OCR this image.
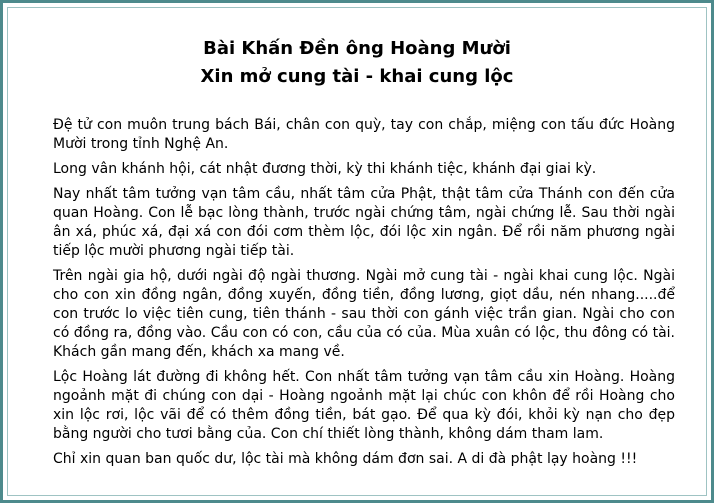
Bài Khấn Đền ông Hoàng Mười
Xin mở cung tài - khai cung lộc

Đệ tử con muôn trung bách Bái, chân con quỳ, tay con chắp, miệng con tấu đức Hoàng Mười trong tỉnh Nghệ An.

Long vân khánh hội, cát nhật đương thời, kỳ thi khánh tiệc, khánh đại giai kỳ.

Nay nhất tâm tưởng vạn tâm cầu, nhất tâm cửa Phật, thật tâm cửa Thánh con đến cửa quan Hoàng. Con lễ bạc lòng thành, trước ngài chứng tâm, ngài chứng lễ. Sau thời ngài ân xá, phúc xá, đại xá con đói cơm thèm lộc, đói lộc xin ngân. Để rồi năm phương ngài tiếp lộc mười phương ngài tiếp tài.

Trên ngài gia hộ, dưới ngài độ ngài thương. Ngài mở cung tài - ngài khai cung lộc. Ngài cho con xin đồng ngân, đồng xuyến, đồng tiền, đồng lương, giọt dầu, nén nhang.....để con trước lo việc tiên cung, tiên thánh - sau thời con gánh việc trần gian. Ngài cho con có đồng ra, đồng vào. Cầu con có con, cầu của có của. Mùa xuân có lộc, thu đông có tài. Khách gần mang đến, khách xa mang về.

Lộc Hoàng lát đường đi không hết. Con nhất tâm tưởng vạn tâm cầu xin Hoàng. Hoàng ngoảnh mặt đi chúng con dại - Hoàng ngoảnh mặt lại chúc con khôn để rồi Hoàng cho xin lộc rơi, lộc vãi để có thêm đồng tiền, bát gạo. Để qua kỳ đói, khỏi kỳ nạn cho đẹp bằng người cho tươi bằng của. Con chí thiết lòng thành, không dám tham lam.

Chỉ xin quan ban quốc dư, lộc tài mà không dám đơn sai. A di đà phật lạy hoàng !!!
